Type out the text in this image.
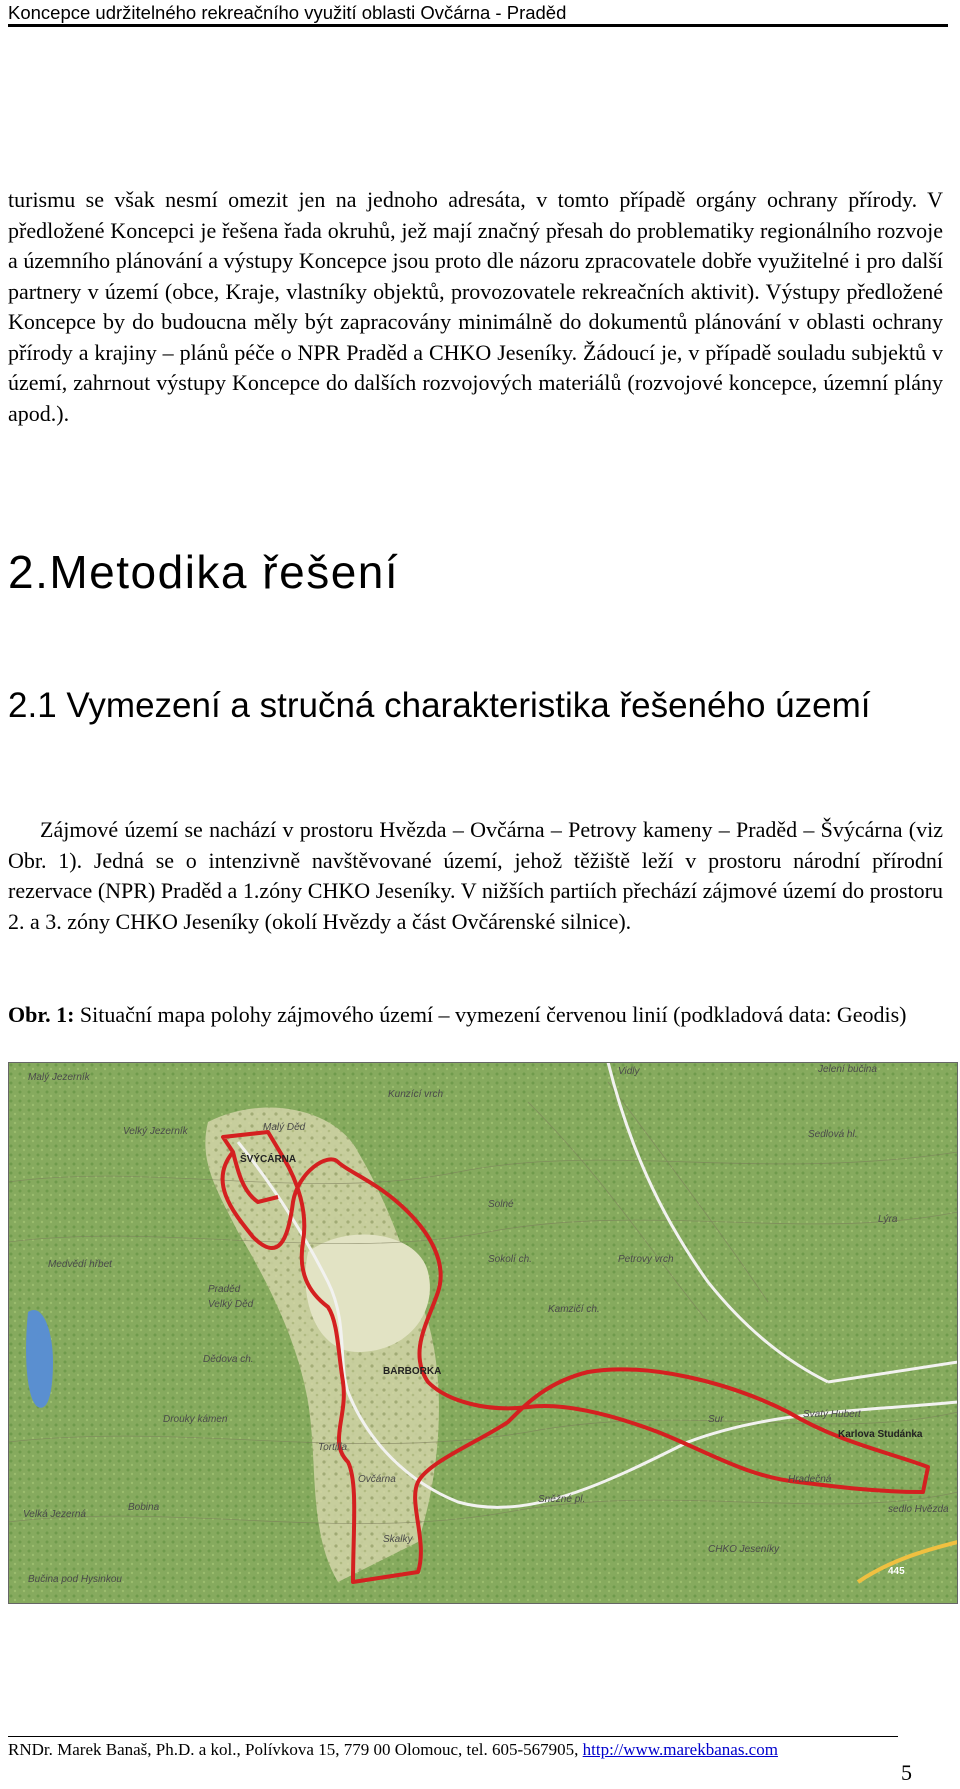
Koncepce udržitelného rekreačního využití oblasti Ovčárna - Praděd

turismu se však nesmí omezit jen na jednoho adresáta, v tomto případě orgány ochrany přírody. V předložené Koncepci je řešena řada okruhů, jež mají značný přesah do problematiky regionálního rozvoje a územního plánování a výstupy Koncepce jsou proto dle názoru zpracovatele dobře využitelné i pro další partnery v území (obce, Kraje, vlastníky objektů, provozovatele rekreačních aktivit). Výstupy předložené Koncepce by do budoucna měly být zapracovány minimálně do dokumentů plánování v oblasti ochrany přírody a krajiny – plánů péče o NPR Praděd a CHKO Jeseníky. Žádoucí je, v případě souladu subjektů v území, zahrnout výstupy Koncepce do dalších rozvojových materiálů (rozvojové koncepce, územní plány apod.).

2.Metodika řešení
2.1 Vymezení a stručná charakteristika řešeného území

Zájmové území se nachází v prostoru Hvězda – Ovčárna – Petrovy kameny – Praděd – Švýcárna (viz Obr. 1). Jedná se o intenzivně navštěvované území, jehož těžiště leží v prostoru národní přírodní rezervace (NPR) Praděd a 1.zóny CHKO Jeseníky. V nižších partiích přechází zájmové území do prostoru 2. a 3. zóny CHKO Jeseníky (okolí Hvězdy a část Ovčárenské silnice).

Obr. 1: Situační mapa polohy zájmového území – vymezení červenou linií (podkladová data: Geodis)

Malý Jezerník
Velký Jezerník	Malý Děd
ŠVÝCÁRNA
Kunzící vrch
Vidly	Jelení bučina
Sedlová hl.
Solné
Sokolí ch.
Medvědí hřbet
Praděd
Velký Děd
Petrovy vrch
Lýra
Kamzičí ch.
Dědova ch.
BARBORKA
Drouky kámen
Tortilla
Ovčárna
Skalky
Sur	Svatý Hubert
Karlova Studánka
Hradečná
sedlo Hvězda
CHKO Jeseníky
Velká Jezerná
Bučina pod Hysinkou
Bobina
Sněžné pl.
445
RNDr. Marek Banaš, Ph.D. a kol., Polívkova 15, 779 00 Olomouc, tel. 605-567905, http://www.marekbanas.com
5
